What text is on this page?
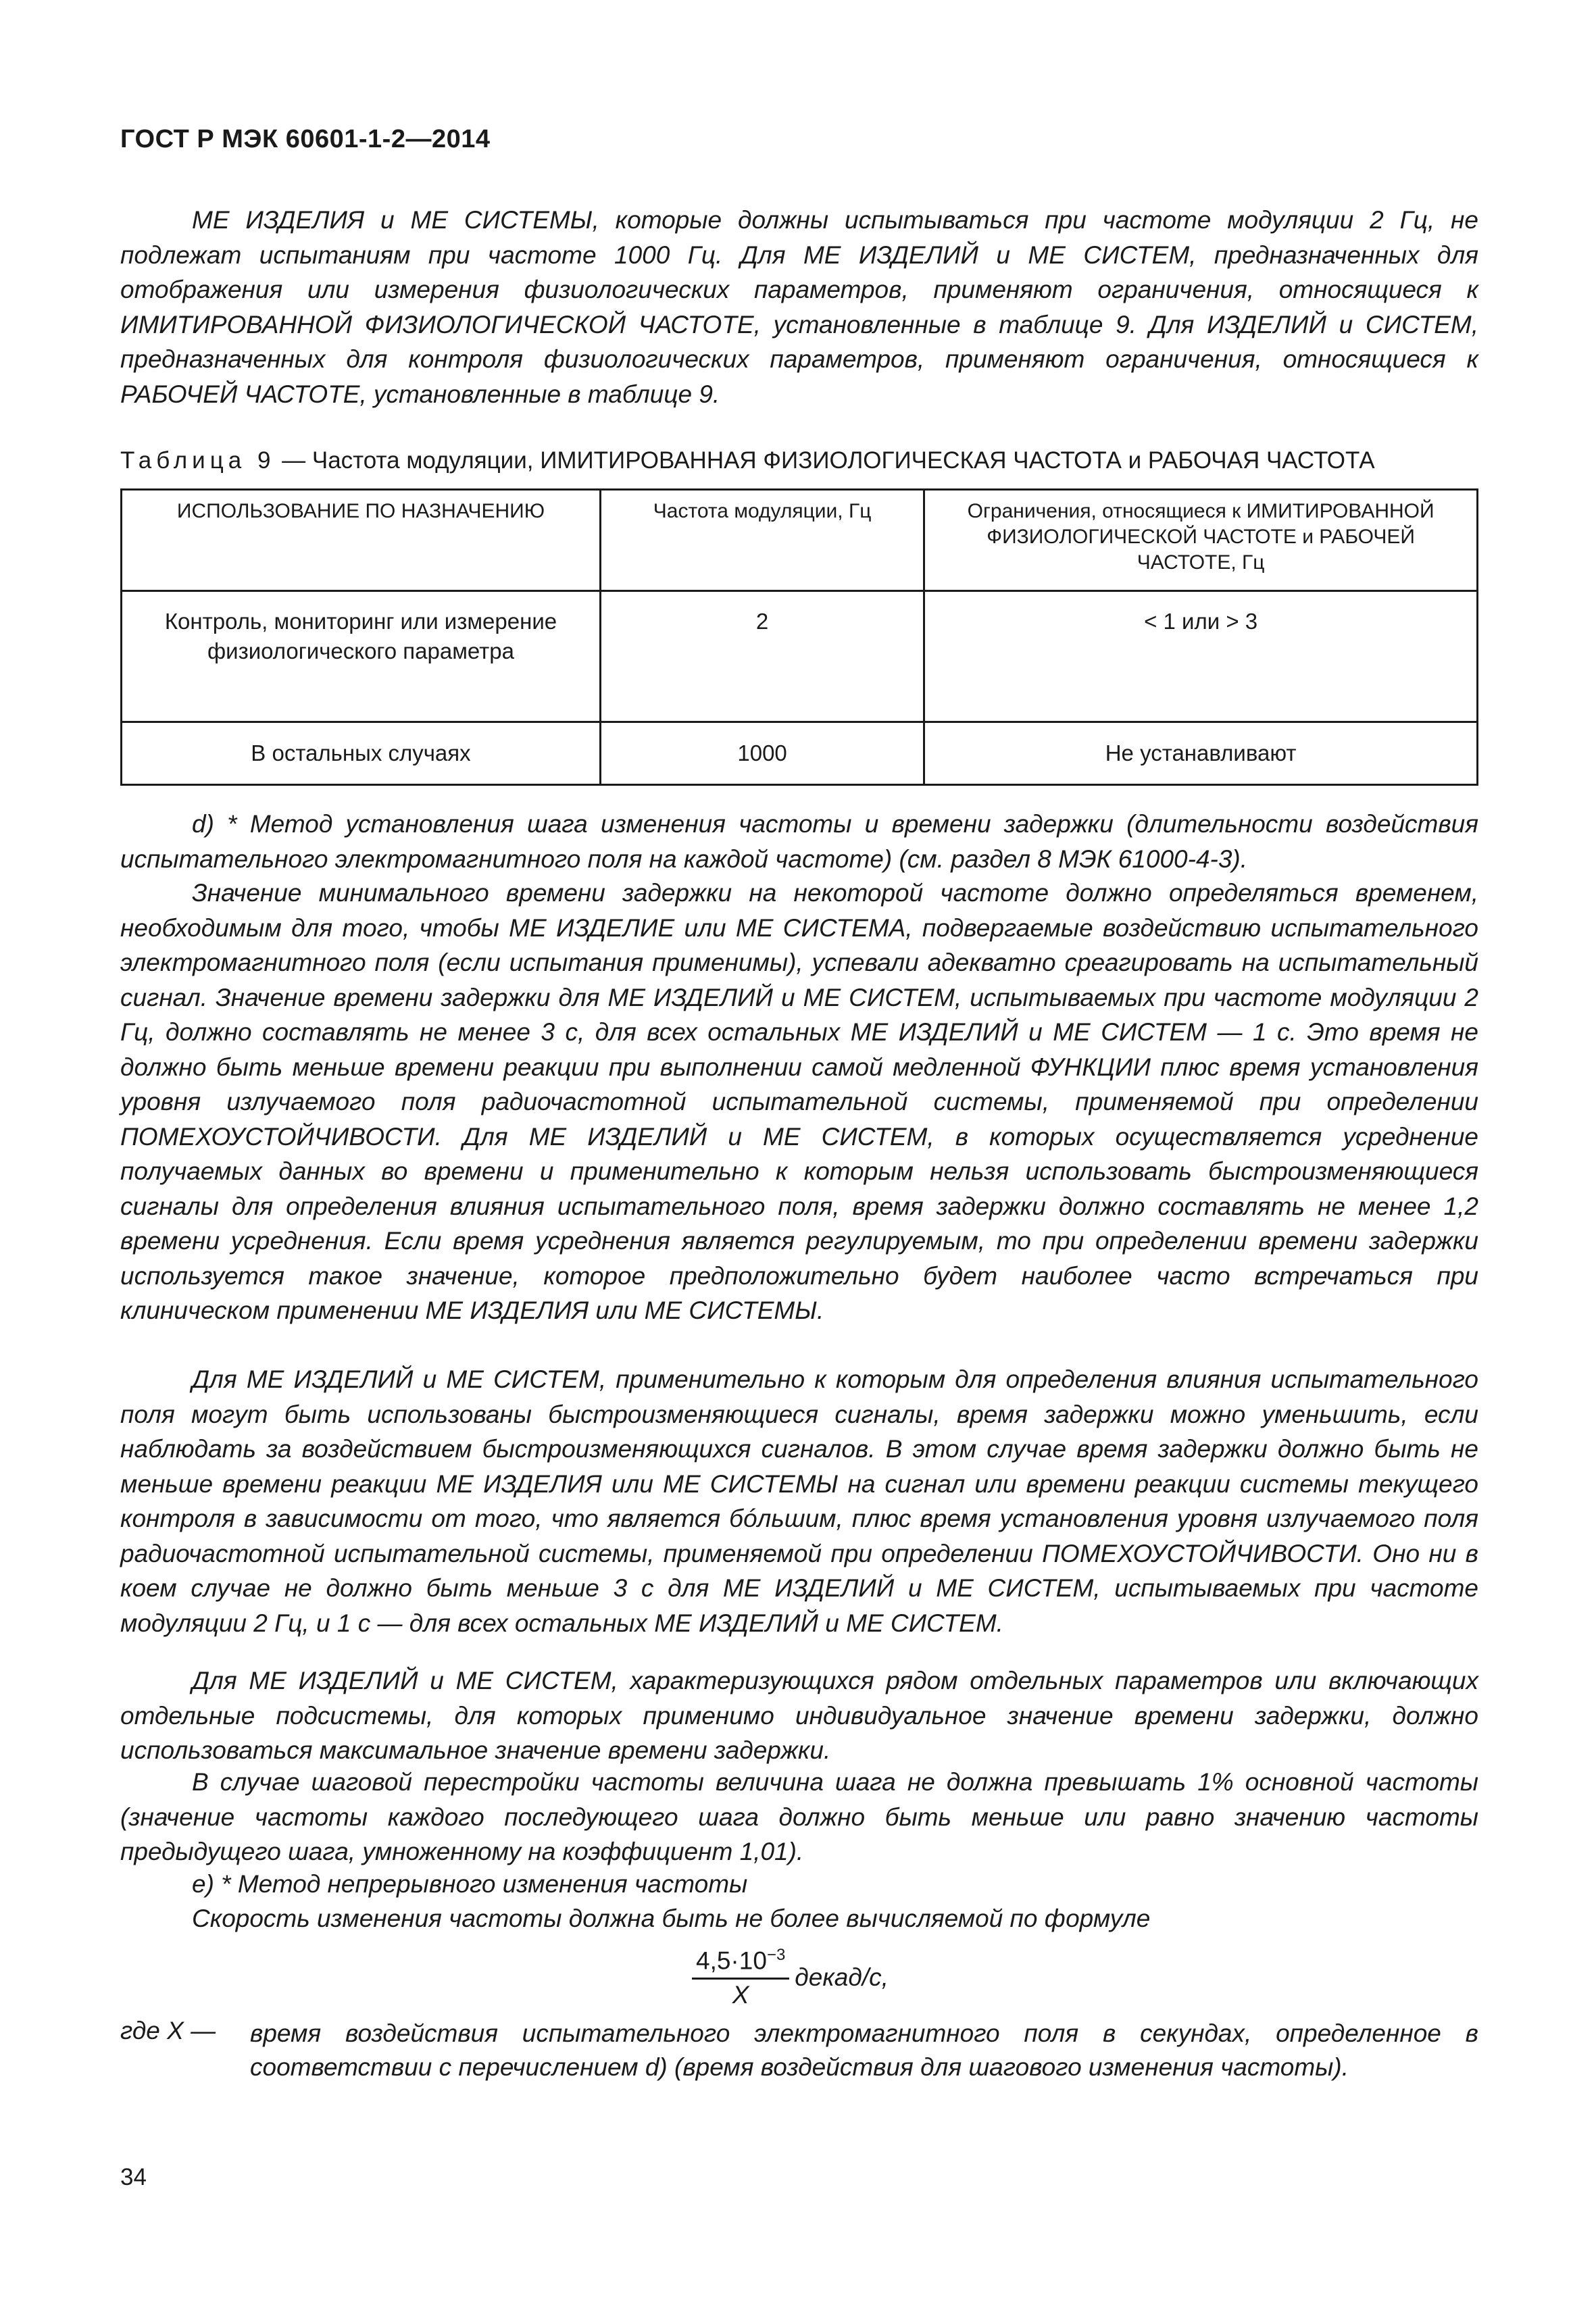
ГОСТ Р МЭК 60601-1-2—2014

МЕ ИЗДЕЛИЯ и МЕ СИСТЕМЫ, которые должны испытываться при частоте модуляции 2 Гц, не подлежат испытаниям при частоте 1000 Гц. Для МЕ ИЗДЕЛИЙ и МЕ СИСТЕМ, предназначенных для отображения или измерения физиологических параметров, применяют ограничения, относящиеся к ИМИТИРОВАННОЙ ФИЗИОЛОГИЧЕСКОЙ ЧАСТОТЕ, установленные в таблице 9. Для ИЗДЕЛИЙ и СИСТЕМ, предназначенных для контроля физиологических параметров, применяют ограничения, относящиеся к РАБОЧЕЙ ЧАСТОТЕ, установленные в таблице 9.

Таблица 9 — Частота модуляции, ИМИТИРОВАННАЯ ФИЗИОЛОГИЧЕСКАЯ ЧАСТОТА и РАБОЧАЯ ЧАСТОТА
ИСПОЛЬЗОВАНИЕ ПО НАЗНАЧЕНИЮ	Частота модуляции, Гц	Ограничения, относящиеся к ИМИТИРОВАННОЙ ФИЗИОЛОГИЧЕСКОЙ ЧАСТОТЕ и РАБОЧЕЙ ЧАСТОТЕ, Гц
Контроль, мониторинг или измерение физиологического параметра	2	< 1 или > 3
В остальных случаях	1000	Не устанавливают

d) * Метод установления шага изменения частоты и времени задержки (длительности воздействия испытательного электромагнитного поля на каждой частоте) (см. раздел 8 МЭК 61000-4-3).

Значение минимального времени задержки на некоторой частоте должно определяться временем, необходимым для того, чтобы МЕ ИЗДЕЛИЕ или МЕ СИСТЕМА, подвергаемые воздействию испытательного электромагнитного поля (если испытания применимы), успевали адекватно среагировать на испытательный сигнал. Значение времени задержки для МЕ ИЗДЕЛИЙ и МЕ СИСТЕМ, испытываемых при частоте модуляции 2 Гц, должно составлять не менее 3 с, для всех остальных МЕ ИЗДЕЛИЙ и МЕ СИСТЕМ — 1 с. Это время не должно быть меньше времени реакции при выполнении самой медленной ФУНКЦИИ плюс время установления уровня излучаемого поля радиочастотной испытательной системы, применяемой при определении ПОМЕХОУСТОЙЧИВОСТИ. Для МЕ ИЗДЕЛИЙ и МЕ СИСТЕМ, в которых осуществляется усреднение получаемых данных во времени и применительно к которым нельзя использовать быстроизменяющиеся сигналы для определения влияния испытательного поля, время задержки должно составлять не менее 1,2 времени усреднения. Если время усреднения является регулируемым, то при определении времени задержки используется такое значение, которое предположительно будет наиболее часто встречаться при клиническом применении МЕ ИЗДЕЛИЯ или МЕ СИСТЕМЫ.

Для МЕ ИЗДЕЛИЙ и МЕ СИСТЕМ, применительно к которым для определения влияния испытательного поля могут быть использованы быстроизменяющиеся сигналы, время задержки можно уменьшить, если наблюдать за воздействием быстроизменяющихся сигналов. В этом случае время задержки должно быть не меньше времени реакции МЕ ИЗДЕЛИЯ или МЕ СИСТЕМЫ на сигнал или времени реакции системы текущего контроля в зависимости от того, что является бóльшим, плюс время установления уровня излучаемого поля радиочастотной испытательной системы, применяемой при определении ПОМЕХОУСТОЙЧИВОСТИ. Оно ни в коем случае не должно быть меньше 3 с для МЕ ИЗДЕЛИЙ и МЕ СИСТЕМ, испытываемых при частоте модуляции 2 Гц, и 1 с — для всех остальных МЕ ИЗДЕЛИЙ и МЕ СИСТЕМ.

Для МЕ ИЗДЕЛИЙ и МЕ СИСТЕМ, характеризующихся рядом отдельных параметров или включающих отдельные подсистемы, для которых применимо индивидуальное значение времени задержки, должно использоваться максимальное значение времени задержки.

В случае шаговой перестройки частоты величина шага не должна превышать 1% основной частоты (значение частоты каждого последующего шага должно быть меньше или равно значению частоты предыдущего шага, умноженному на коэффициент 1,01).

е) * Метод непрерывного изменения частоты

Скорость изменения частоты должна быть не более вычисляемой по формуле

$\frac{4,5\cdot 10^{-3}}{X}$ декад/с,
где X — время воздействия испытательного электромагнитного поля в секундах, определенное в соответствии с перечислением d) (время воздействия для шагового изменения частоты).

34
